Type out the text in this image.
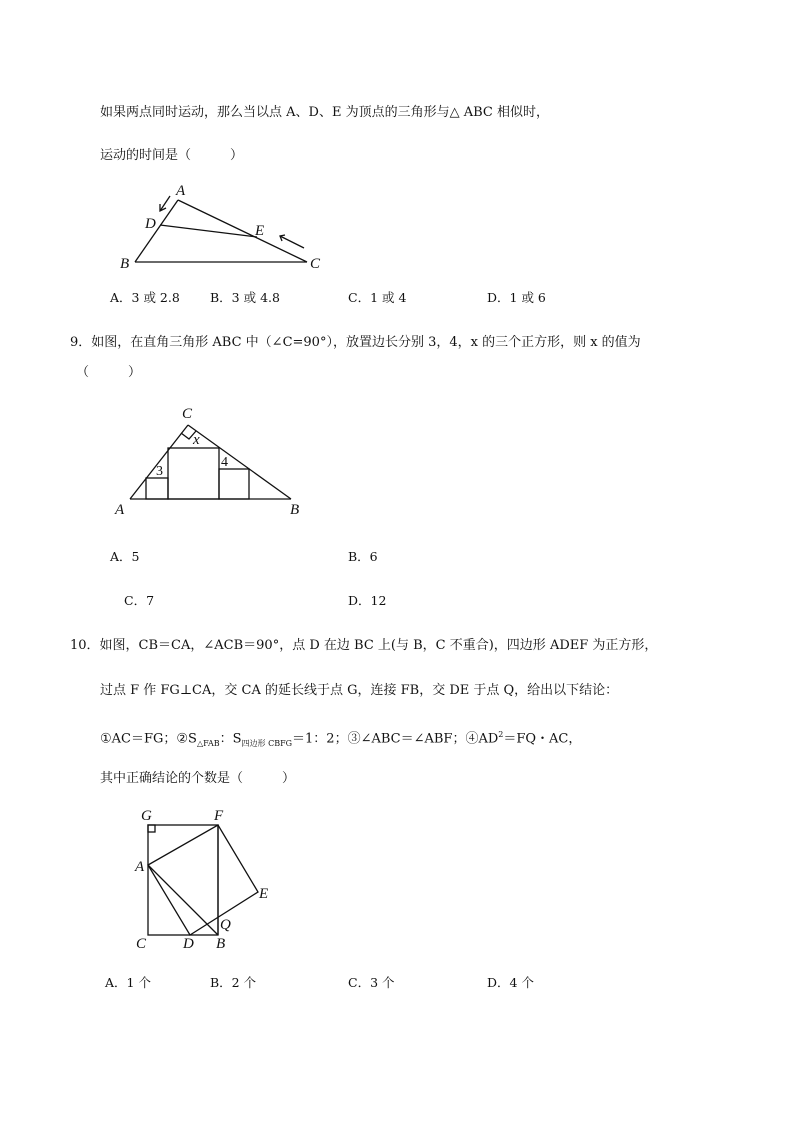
如果两点同时运动，那么当以点 A、D、E 为顶点的三角形与△ ABC 相似时，
运动的时间是（　　　）
A
D	E
B	C
A．3 或 2.8 B．3 或 4.8	C．1 或 4	D．1 或 6
9．如图，在直角三角形 ABC 中（∠C=90°），放置边长分别 3，4，x 的三个正方形，则 x 的值为
（　　　）
3
4
x
C
A	B
A．5	B．6
C．7	D．12
10．如图，CB＝CA，∠ACB＝90°，点 D 在边 BC 上(与 B，C 不重合)，四边形 ADEF 为正方形，
过点 F 作 FG⊥CA，交 CA 的延长线于点 G，连接 FB，交 DE 于点 Q，给出以下结论：
①AC＝FG；$②S_{\triangle FAB}$：$S_{四边形 CBFG}=1$：2；③∠ABC＝∠ABF；$④AD^2=FQ$・AC，
其中正确结论的个数是（　　　）
G	F
A
E
Q
C D B
A．1 个	B．2 个	C．3 个	D．4 个
